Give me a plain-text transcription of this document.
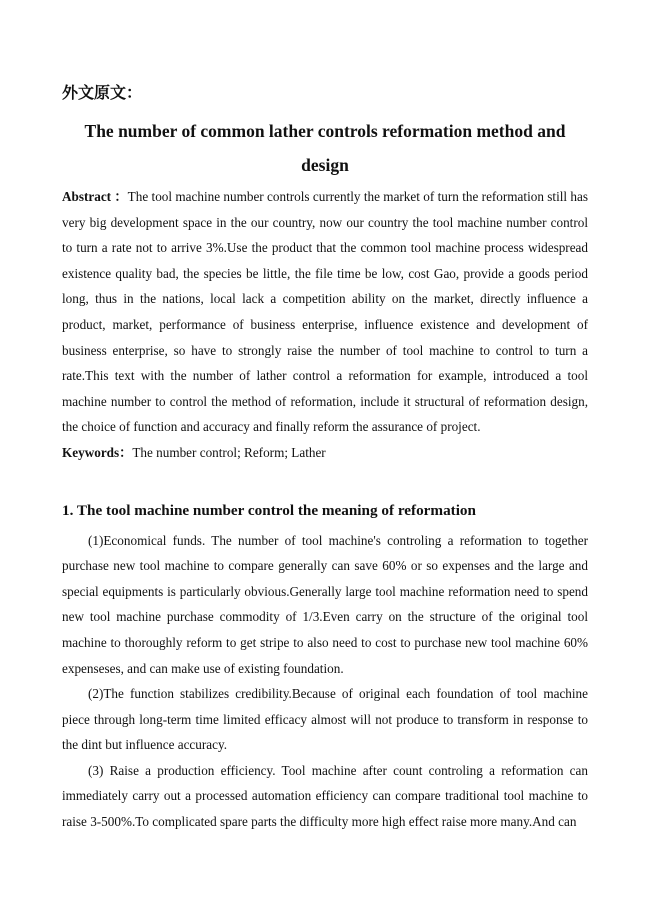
外文原文：
The number of common lather controls reformation method and
design

Abstract ：The tool machine number controls currently the market of turn the reformation still has very big development space in the our country, now our country the tool machine number control to turn a rate not to arrive 3%.Use the product that the common tool machine process widespread existence quality bad, the species be little, the file time be low, cost Gao, provide a goods period long, thus in the nations, local lack a competition ability on the market, directly influence a product, market, performance of business enterprise, influence existence and development of business enterprise, so have to strongly raise the number of tool machine to control to turn a rate.This text with the number of lather control a reformation for example, introduced a tool machine number to control the method of reformation, include it structural of reformation design, the choice of function and accuracy and finally reform the assurance of project.

Keywords：The number control; Reform; Lather

1. The tool machine number control the meaning of reformation

(1)Economical funds. The number of tool machine's controling a reformation to together purchase new tool machine to compare generally can save 60% or so expenses and the large and special equipments is particularly obvious.Generally large tool machine reformation need to spend new tool machine purchase commodity of 1/3.Even carry on the structure of the original tool machine to thoroughly reform to get stripe to also need to cost to purchase new tool machine 60% expenseses, and can make use of existing foundation.

(2)The function stabilizes credibility.Because of original each foundation of tool machine piece through long-term time limited efficacy almost will not produce to transform in response to the dint but influence accuracy.

(3) Raise a production efficiency. Tool machine after count controling a reformation can immediately carry out a processed automation efficiency can compare traditional tool machine to raise 3-500%.To complicated spare parts the difficulty more high effect raise more many.And can
